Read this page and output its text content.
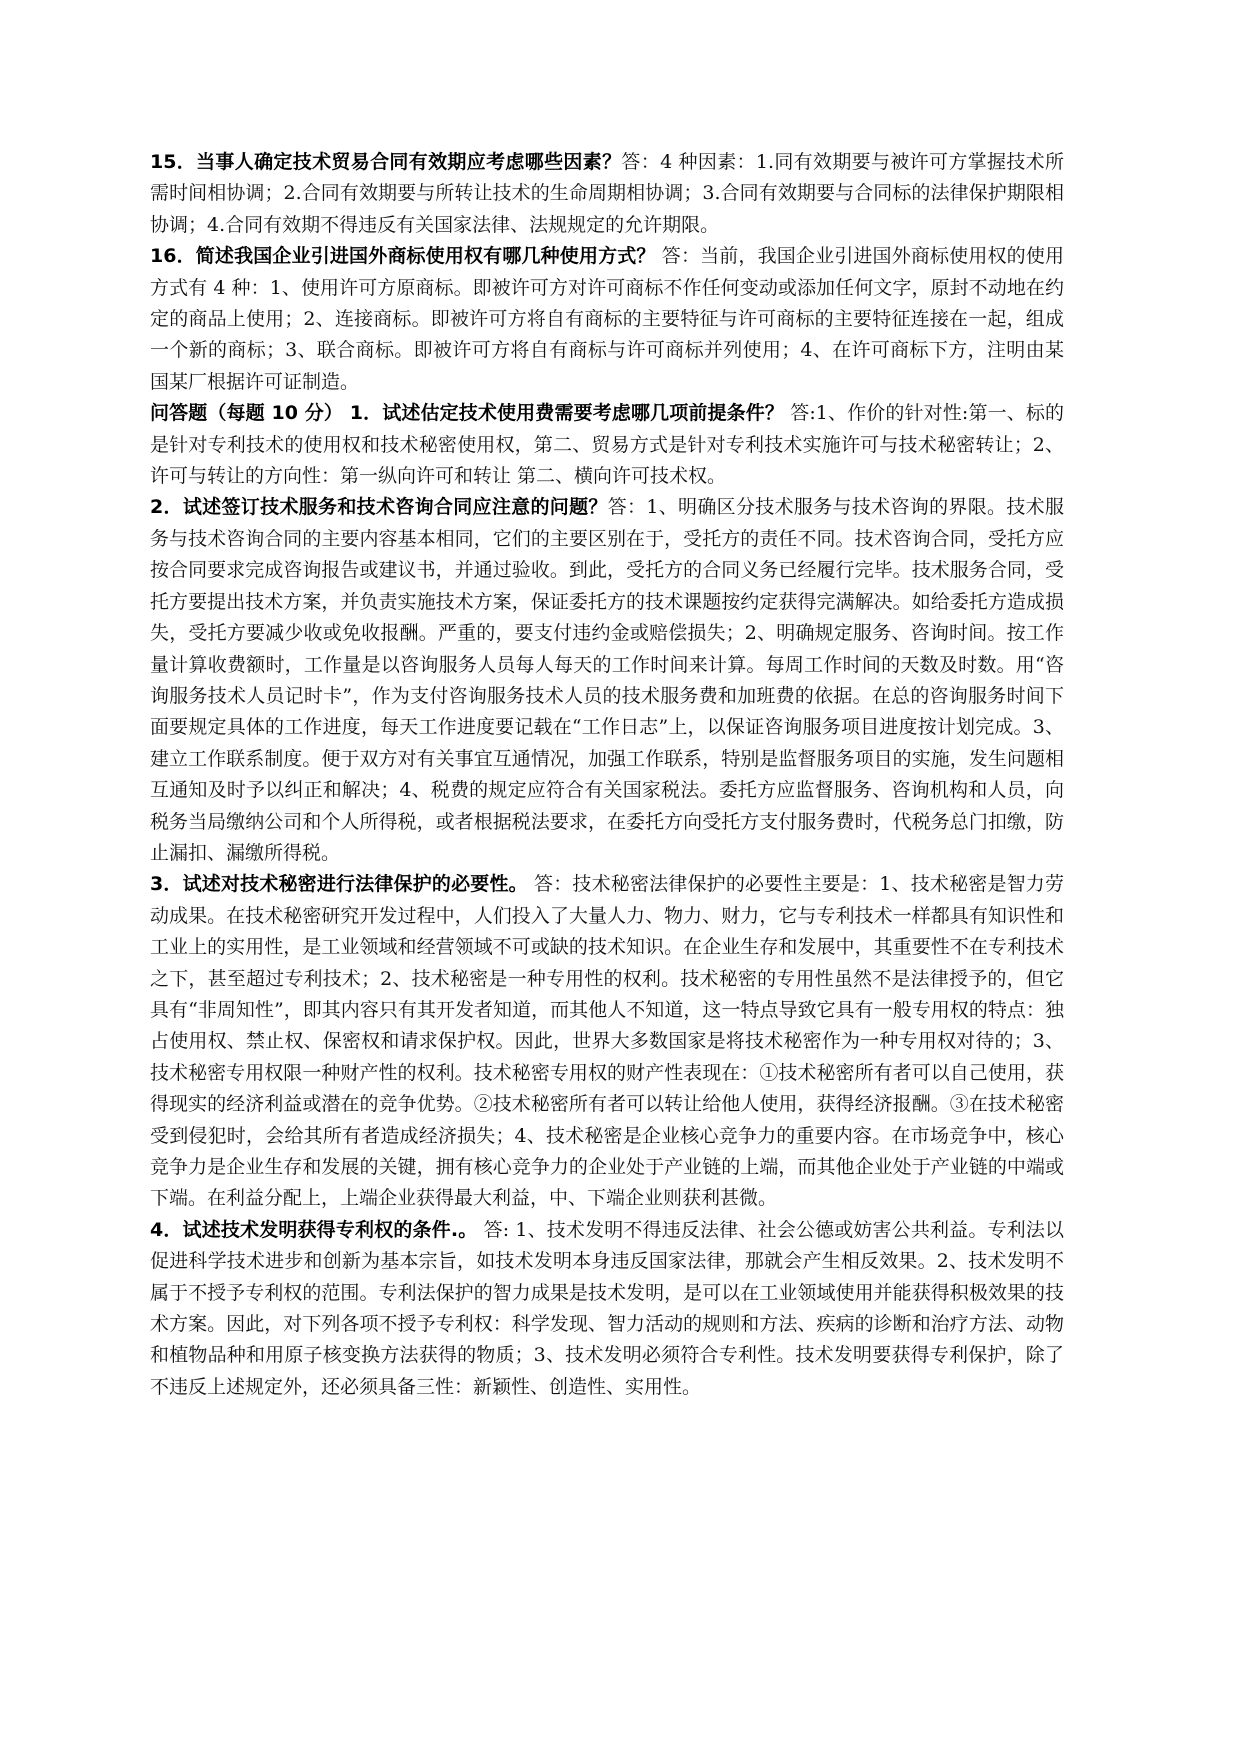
15．当事人确定技术贸易合同有效期应考虑哪些因素？答：4 种因素：1.同有效期要与被许可方掌握技术所需时间相协调；2.合同有效期要与所转让技术的生命周期相协调；3.合同有效期要与合同标的法律保护期限相协调；4.合同有效期不得违反有关国家法律、法规规定的允许期限。

16．简述我国企业引进国外商标使用权有哪几种使用方式？ 答：当前，我国企业引进国外商标使用权的使用方式有 4 种：1、使用许可方原商标。即被许可方对许可商标不作任何变动或添加任何文字，原封不动地在约定的商品上使用；2、连接商标。即被许可方将自有商标的主要特征与许可商标的主要特征连接在一起，组成一个新的商标；3、联合商标。即被许可方将自有商标与许可商标并列使用；4、在许可商标下方，注明由某国某厂根据许可证制造。

问答题（每题 10 分） 1．试述估定技术使用费需要考虑哪几项前提条件？ 答:1、作价的针对性:第一、标的是针对专利技术的使用权和技术秘密使用权，第二、贸易方式是针对专利技术实施许可与技术秘密转让；2、许可与转让的方向性：第一纵向许可和转让 第二、横向许可技术权。

2．试述签订技术服务和技术咨询合同应注意的问题？答：1、明确区分技术服务与技术咨询的界限。技术服务与技术咨询合同的主要内容基本相同，它们的主要区别在于，受托方的责任不同。技术咨询合同，受托方应按合同要求完成咨询报告或建议书，并通过验收。到此，受托方的合同义务已经履行完毕。技术服务合同，受托方要提出技术方案，并负责实施技术方案，保证委托方的技术课题按约定获得完满解决。如给委托方造成损失，受托方要减少收或免收报酬。严重的，要支付违约金或赔偿损失；2、明确规定服务、咨询时间。按工作量计算收费额时，工作量是以咨询服务人员每人每天的工作时间来计算。每周工作时间的天数及时数。用“咨询服务技术人员记时卡”，作为支付咨询服务技术人员的技术服务费和加班费的依据。在总的咨询服务时间下面要规定具体的工作进度，每天工作进度要记载在“工作日志”上，以保证咨询服务项目进度按计划完成。3、建立工作联系制度。便于双方对有关事宜互通情况，加强工作联系，特别是监督服务项目的实施，发生问题相互通知及时予以纠正和解决；4、税费的规定应符合有关国家税法。委托方应监督服务、咨询机构和人员，向税务当局缴纳公司和个人所得税，或者根据税法要求，在委托方向受托方支付服务费时，代税务总门扣缴，防止漏扣、漏缴所得税。

3．试述对技术秘密进行法律保护的必要性。 答：技术秘密法律保护的必要性主要是：1、技术秘密是智力劳动成果。在技术秘密研究开发过程中，人们投入了大量人力、物力、财力，它与专利技术一样都具有知识性和工业上的实用性，是工业领域和经营领域不可或缺的技术知识。在企业生存和发展中，其重要性不在专利技术之下，甚至超过专利技术；2、技术秘密是一种专用性的权利。技术秘密的专用性虽然不是法律授予的，但它具有“非周知性”，即其内容只有其开发者知道，而其他人不知道，这一特点导致它具有一般专用权的特点：独占使用权、禁止权、保密权和请求保护权。因此，世界大多数国家是将技术秘密作为一种专用权对待的；3、技术秘密专用权限一种财产性的权利。技术秘密专用权的财产性表现在：①技术秘密所有者可以自己使用，获得现实的经济利益或潜在的竞争优势。②技术秘密所有者可以转让给他人使用，获得经济报酬。③在技术秘密受到侵犯时，会给其所有者造成经济损失；4、技术秘密是企业核心竞争力的重要内容。在市场竞争中，核心竞争力是企业生存和发展的关键，拥有核心竞争力的企业处于产业链的上端，而其他企业处于产业链的中端或下端。在利益分配上，上端企业获得最大利益，中、下端企业则获利甚微。

4．试述技术发明获得专利权的条件.。 答: 1、技术发明不得违反法律、社会公德或妨害公共利益。专利法以促进科学技术进步和创新为基本宗旨，如技术发明本身违反国家法律，那就会产生相反效果。2、技术发明不属于不授予专利权的范围。专利法保护的智力成果是技术发明，是可以在工业领域使用并能获得积极效果的技术方案。因此，对下列各项不授予专利权：科学发现、智力活动的规则和方法、疾病的诊断和治疗方法、动物和植物品种和用原子核变换方法获得的物质；3、技术发明必须符合专利性。技术发明要获得专利保护，除了不违反上述规定外，还必须具备三性：新颖性、创造性、实用性。
